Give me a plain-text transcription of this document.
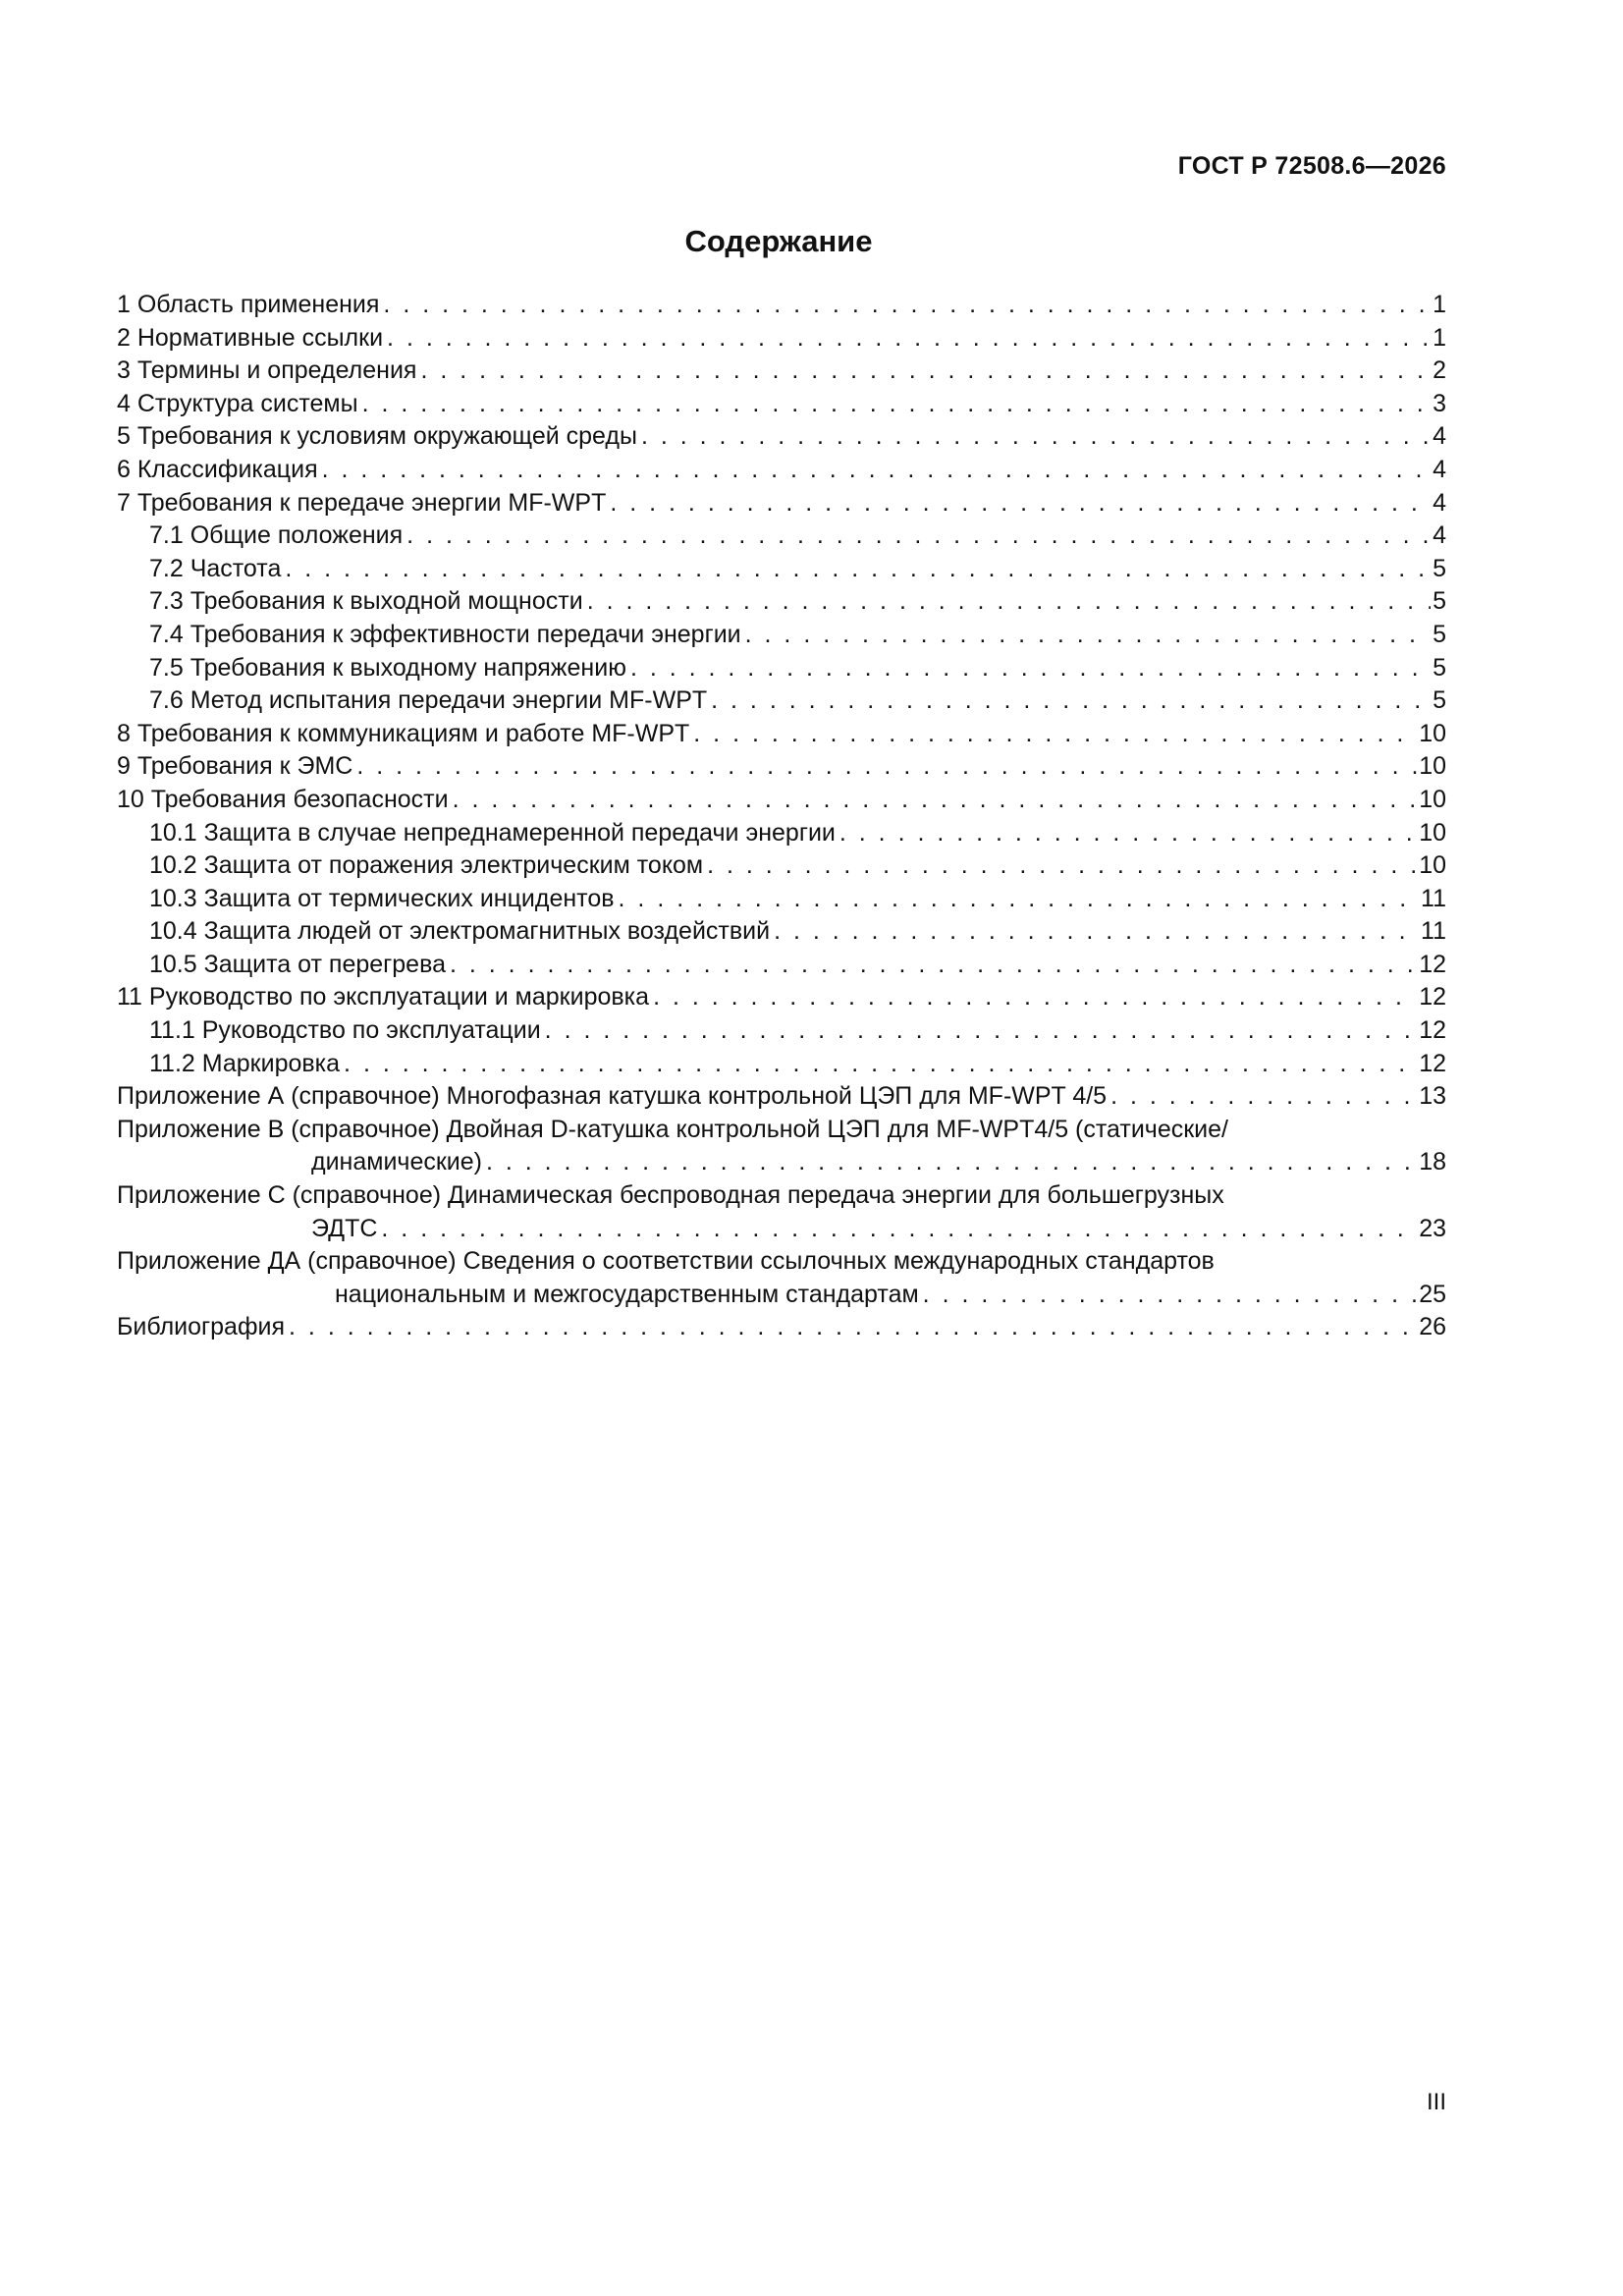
ГОСТ Р 72508.6—2026
Содержание
1 Область применения . . .	1
2 Нормативные ссылки . . .	1
3 Термины и определения . . .	2
4 Структура системы . . .	3
5 Требования к условиям окружающей среды . . .	4
6 Классификация . . .	4
7 Требования к передаче энергии MF-WPT . . .	4
7.1 Общие положения . . .	4
7.2 Частота . . .	5
7.3 Требования к выходной мощности . . .	5
7.4 Требования к эффективности передачи энергии . . .	5
7.5 Требования к выходному напряжению . . .	5
7.6 Метод испытания передачи энергии MF-WPT . . .	5
8 Требования к коммуникациям и работе MF-WPT . . .	10
9 Требования к ЭМС . . .	10
10 Требования безопасности . . .	10
10.1 Защита в случае непреднамеренной передачи энергии . . .	10
10.2 Защита от поражения электрическим током . . .	10
10.3 Защита от термических инцидентов . . .	11
10.4 Защита людей от электромагнитных воздействий . . .	11
10.5 Защита от перегрева . . .	12
11 Руководство по эксплуатации и маркировка . . .	12
11.1 Руководство по эксплуатации . . .	12
11.2 Маркировка . . .	12
Приложение А (справочное) Многофазная катушка контрольной ЦЭП для MF-WPT 4/5 . . .	13
Приложение В (справочное) Двойная D-катушка контрольной ЦЭП для MF-WPT4/5 (статические/
динамические) . . .	18
Приложение С (справочное) Динамическая беспроводная передача энергии для большегрузных
ЭДТС . . .	23
Приложение ДА (справочное) Сведения о соответствии ссылочных международных стандартов
национальным и межгосударственным стандартам . . .	25
Библиография . . .	26
III
